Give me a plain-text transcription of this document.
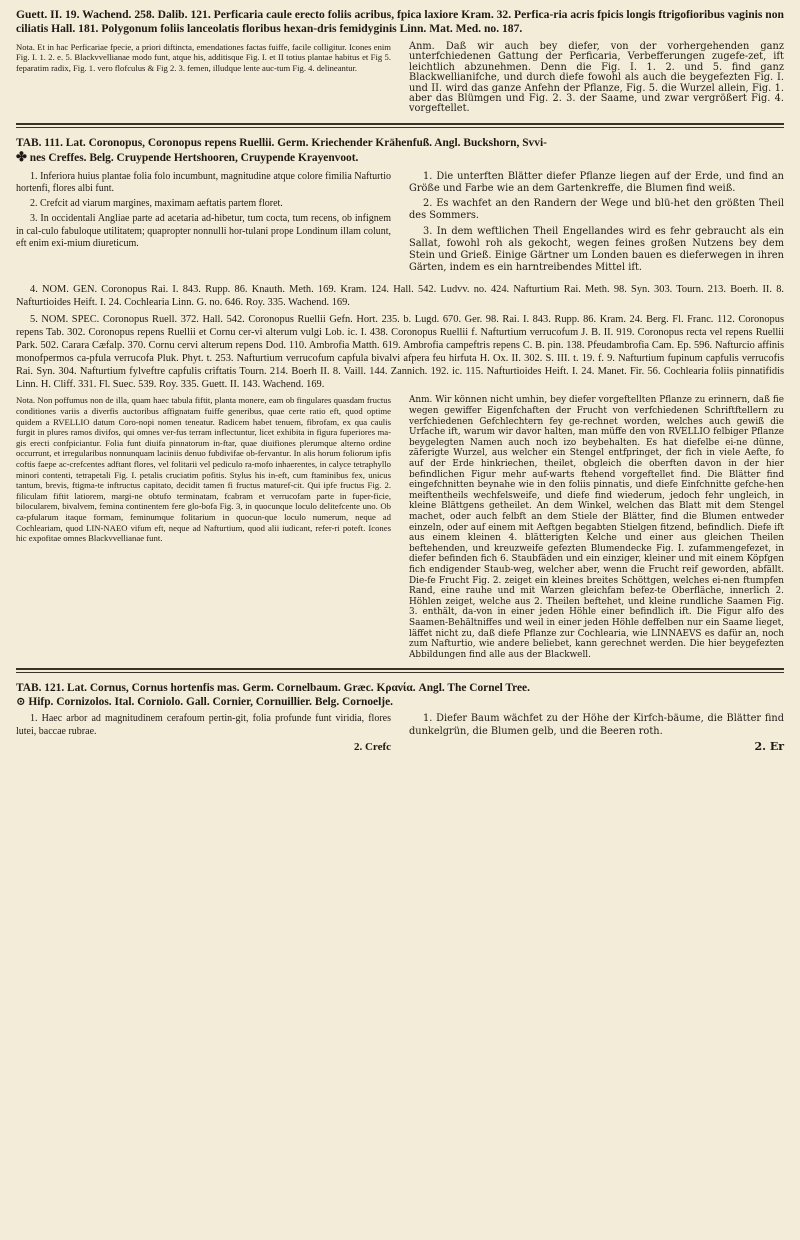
Guett. II. 19. Wachend. 258. Dalib. 121. Perficaria caule erecto foliis acribus, fpica laxiore Kram. 32. Perfica-ria acris fpicis longis ftrigofioribus vaginis non ciliatis Hall. 181. Polygonum foliis lanceolatis floribus hexan-dris femidyginis Linn. Mat. Med. no. 187.
Nota. Et in hac Perficariae fpecie, a priori diftincta, emendationes factas fuiffe, facile colligitur. Icones enim Fig. I. 1. 2. e. 5. Blackvvellianae modo funt, atque his, additisque Fig. I. et II totius plantae habitus et Fig 5. feparatim radix, Fig. 1. vero flofculus & Fig 2. 3. femen, illudque lente auc-tum Fig. 4. delineantur.
Anm. Daß wir auch bey diefer, von der vorhergehenden ganz unterfchiedenen Gattung der Perficaria, Verbefferungen zugefe-zet, ift leichtlich abzunehmen. Denn die Fig. I. 1. 2. und 5. find ganz Blackwellianifche, und durch diefe fowohl als auch die beygefezten Fig. I. und II. wird das ganze Anfehn der Pflanze, Fig. 5. die Wurzel allein, Fig. 1. aber das Blümgen und Fig. 2. 3. der Saame, und zwar vergrößert Fig. 4. vorgeftellet.
TAB. 111. Lat. Coronopus, Coronopus repens Ruellii. Germ. Kriechender Krähenfuß. Angl. Buckshorn, Svvi-
✤ nes Creffes. Belg. Cruypende Hertshooren, Cruypende Krayenvoot.

1. Inferiora huius plantae folia folo incumbunt, magnitudine atque colore fimilia Nafturtio hortenfi, flores albi funt.

2. Crefcit ad viarum margines, maximam aeftatis partem floret.

3. In occidentali Angliae parte ad acetaria ad-hibetur, tum cocta, tum recens, ob infignem in cal-culo fabuloque utilitatem; quapropter nonnulli hor-tulani prope Londinum illam colunt, eft enim exi-mium diureticum.

1. Die unterften Blätter diefer Pflanze liegen auf der Erde, und find an Größe und Farbe wie an dem Gartenkreffe, die Blumen find weiß.

2. Es wachfet an den Randern der Wege und blü-het den größten Theil des Sommers.

3. In dem weftlichen Theil Engellandes wird es fehr gebraucht als ein Sallat, fowohl roh als gekocht, wegen feines großen Nutzens bey dem Stein und Grieß. Einige Gärtner um Londen bauen es dieferwegen in ihren Gärten, indem es ein harntreibendes Mittel ift.

4. NOM. GEN. Coronopus Rai. I. 843. Rupp. 86. Knauth. Meth. 169. Kram. 124. Hall. 542. Ludvv. no. 424. Nafturtium Rai. Meth. 98. Syn. 303. Tourn. 213. Boerh. II. 8. Nafturtioides Heift. I. 24. Cochlearia Linn. G. no. 646. Roy. 335. Wachend. 169.

5. NOM. SPEC. Coronopus Ruell. 372. Hall. 542. Coronopus Ruellii Gefn. Hort. 235. b. Lugd. 670. Ger. 98. Rai. I. 843. Rupp. 86. Kram. 24. Berg. Fl. Franc. 112. Coronopus repens Tab. 302. Coronopus repens Ruellii et Cornu cer-vi alterum vulgi Lob. ic. I. 438. Coronopus Ruellii f. Nafturtium verrucofum J. B. II. 919. Coronopus recta vel repens Ruellii Park. 502. Carara Cæfalp. 370. Cornu cervi alterum repens Dod. 110. Ambrofia Matth. 619. Ambrofia campeftris repens C. B. pin. 138. Pfeudambrofia Cam. Ep. 596. Nafturcio affinis monofpermos ca-pfula verrucofa Pluk. Phyt. t. 253. Nafturtium verrucofum capfula bivalvi afpera feu hirfuta H. Ox. II. 302. S. III. t. 19. f. 9. Nafturtium fupinum capfulis verrucofis Rai. Syn. 304. Nafturtium fylveftre capfulis criftatis Tourn. 214. Boerh II. 8. Vaill. 144. Zannich. 192. ic. 115. Nafturtioides Heift. I. 24. Manet. Fir. 56. Cochlearia foliis pinnatifidis Linn. H. Cliff. 331. Fl. Suec. 539. Roy. 335. Guett. II. 143. Wachend. 169.

Nota. Non poffumus non de illa, quam haec tabula fiftit, planta monere, eam ob fingulares quasdam fructus conditiones variis a diverfis auctoribus affignatam fuiffe generibus, quae certe ratio eft, quod optime quidem a RVELLIO datum Coro-nopi nomen teneatur. Radicem habet tenuem, fibrofam, ex qua caulis furgit in plures ramos divifos, qui omnes ver-fus terram inflectuntur, licet exhibita in figura fuperiores ma-gis erecti confpiciantur. Folia funt diuifa pinnatorum in-ftar, quae diuifiones plerumque alterno ordine occurrunt, et irregularibus nonnunquam laciniis denuo fubdivifae ob-fervantur. In alis horum foliorum ipfis coftis faepe ac-crefcentes adftant flores, vel folitarii vel pediculo ra-mofo inhaerentes, in calyce tetraphyllo minori contenti, tetrapetali Fig. I. petalis cruciatim pofitis. Stylus his in-eft, cum ftaminibus fex, unicus tantum, brevis, ftigma-te inftructus capitato, decidit tamen fi fructus maturef-cit. Qui ipfe fructus Fig. 2. filiculam fiftit latiorem, margi-ne obtufo terminatam, fcabram et verrucofam parte in fuper-ficie, bilocularem, bivalvem, femina continentem fere glo-bofa Fig. 3, in quocunque loculo delitefcente uno. Ob ca-pfularum itaque formam, feminumque folitarium in quocun-que loculo numerum, neque ad Cochleariam, quod LIN-NAEO vifum eft, neque ad Nafturtium, quod alii iudicant, refer-ri poteft. Icones hic expofitae omnes Blackvvellianae funt.
Anm. Wir können nicht umhin, bey diefer vorgeftellten Pflanze zu erinnern, daß fie wegen gewiffer Eigenfchaften der Frucht von verfchiedenen Schriftftellern zu verfchiedenen Gefchlechtern fey ge-rechnet worden, welches auch gewiß die Urfache ift, warum wir davor halten, man müffe den von RVELLIO felbiger Pflanze beygelegten Namen auch noch izo beybehalten. Es hat diefelbe ei-ne dünne, zäferigte Wurzel, aus welcher ein Stengel entfpringet, der fich in viele Aefte, fo auf der Erde hinkriechen, theilet, obgleich die oberften davon in der hier befindlichen Figur mehr auf-warts ftehend vorgeftellet find. Die Blätter find eingefchnitten beynahe wie in den foliis pinnatis, und diefe Einfchnitte gefche-hen meiftentheils wechfelsweife, und diefe find wiederum, jedoch fehr ungleich, in kleine Blättgens getheilet. An dem Winkel, welchen das Blatt mit dem Stengel machet, oder auch felbft an dem Stiele der Blätter, find die Blumen entweder einzeln, oder auf einem mit Aeftgen begabten Stielgen fitzend, befindlich. Diefe ift aus einem kleinen 4. blätterigten Kelche und einer aus gleichen Theilen beftehenden, und kreuzweife gefezten Blumendecke Fig. I. zufammengefezet, in diefer befinden fich 6. Staubfäden und ein einziger, kleiner und mit einem Köpfgen fich endigender Staub-weg, welcher aber, wenn die Frucht reif geworden, abfällt. Die-fe Frucht Fig. 2. zeiget ein kleines breites Schöttgen, welches ei-nen ftumpfen Rand, eine rauhe und mit Warzen gleichfam befez-te Oberfläche, innerlich 2. Höhlen zeiget, welche aus 2. Theilen beftehet, und kleine rundliche Saamen Fig. 3. enthält, da-von in einer jeden Höhle einer befindlich ift. Die Figur alfo des Saamen-Behältniffes und weil in einer jeden Höhle deffelben nur ein Saame lieget, läffet nicht zu, daß diefe Pflanze zur Cochlearia, wie LINNAEVS es dafür an, noch zum Nafturtio, wie andere beliebet, kann gerechnet werden. Die hier beygefezten Abbildungen find alle aus der Blackwell.
TAB. 121. Lat. Cornus, Cornus hortenfis mas. Germ. Cornelbaum. Græc. Κρανία. Angl. The Cornel Tree.
⊙ Hifp. Cornizolos. Ital. Corniolo. Gall. Cornier, Cornuillier. Belg. Cornoelje.

1. Haec arbor ad magnitudinem cerafoum pertin-git, folia profunde funt viridia, flores lutei, baccae rubrae.

2. Crefc

1. Diefer Baum wächfet zu der Höhe der Kirfch-bäume, die Blätter find dunkelgrün, die Blumen gelb, und die Beeren roth.

2. Er
